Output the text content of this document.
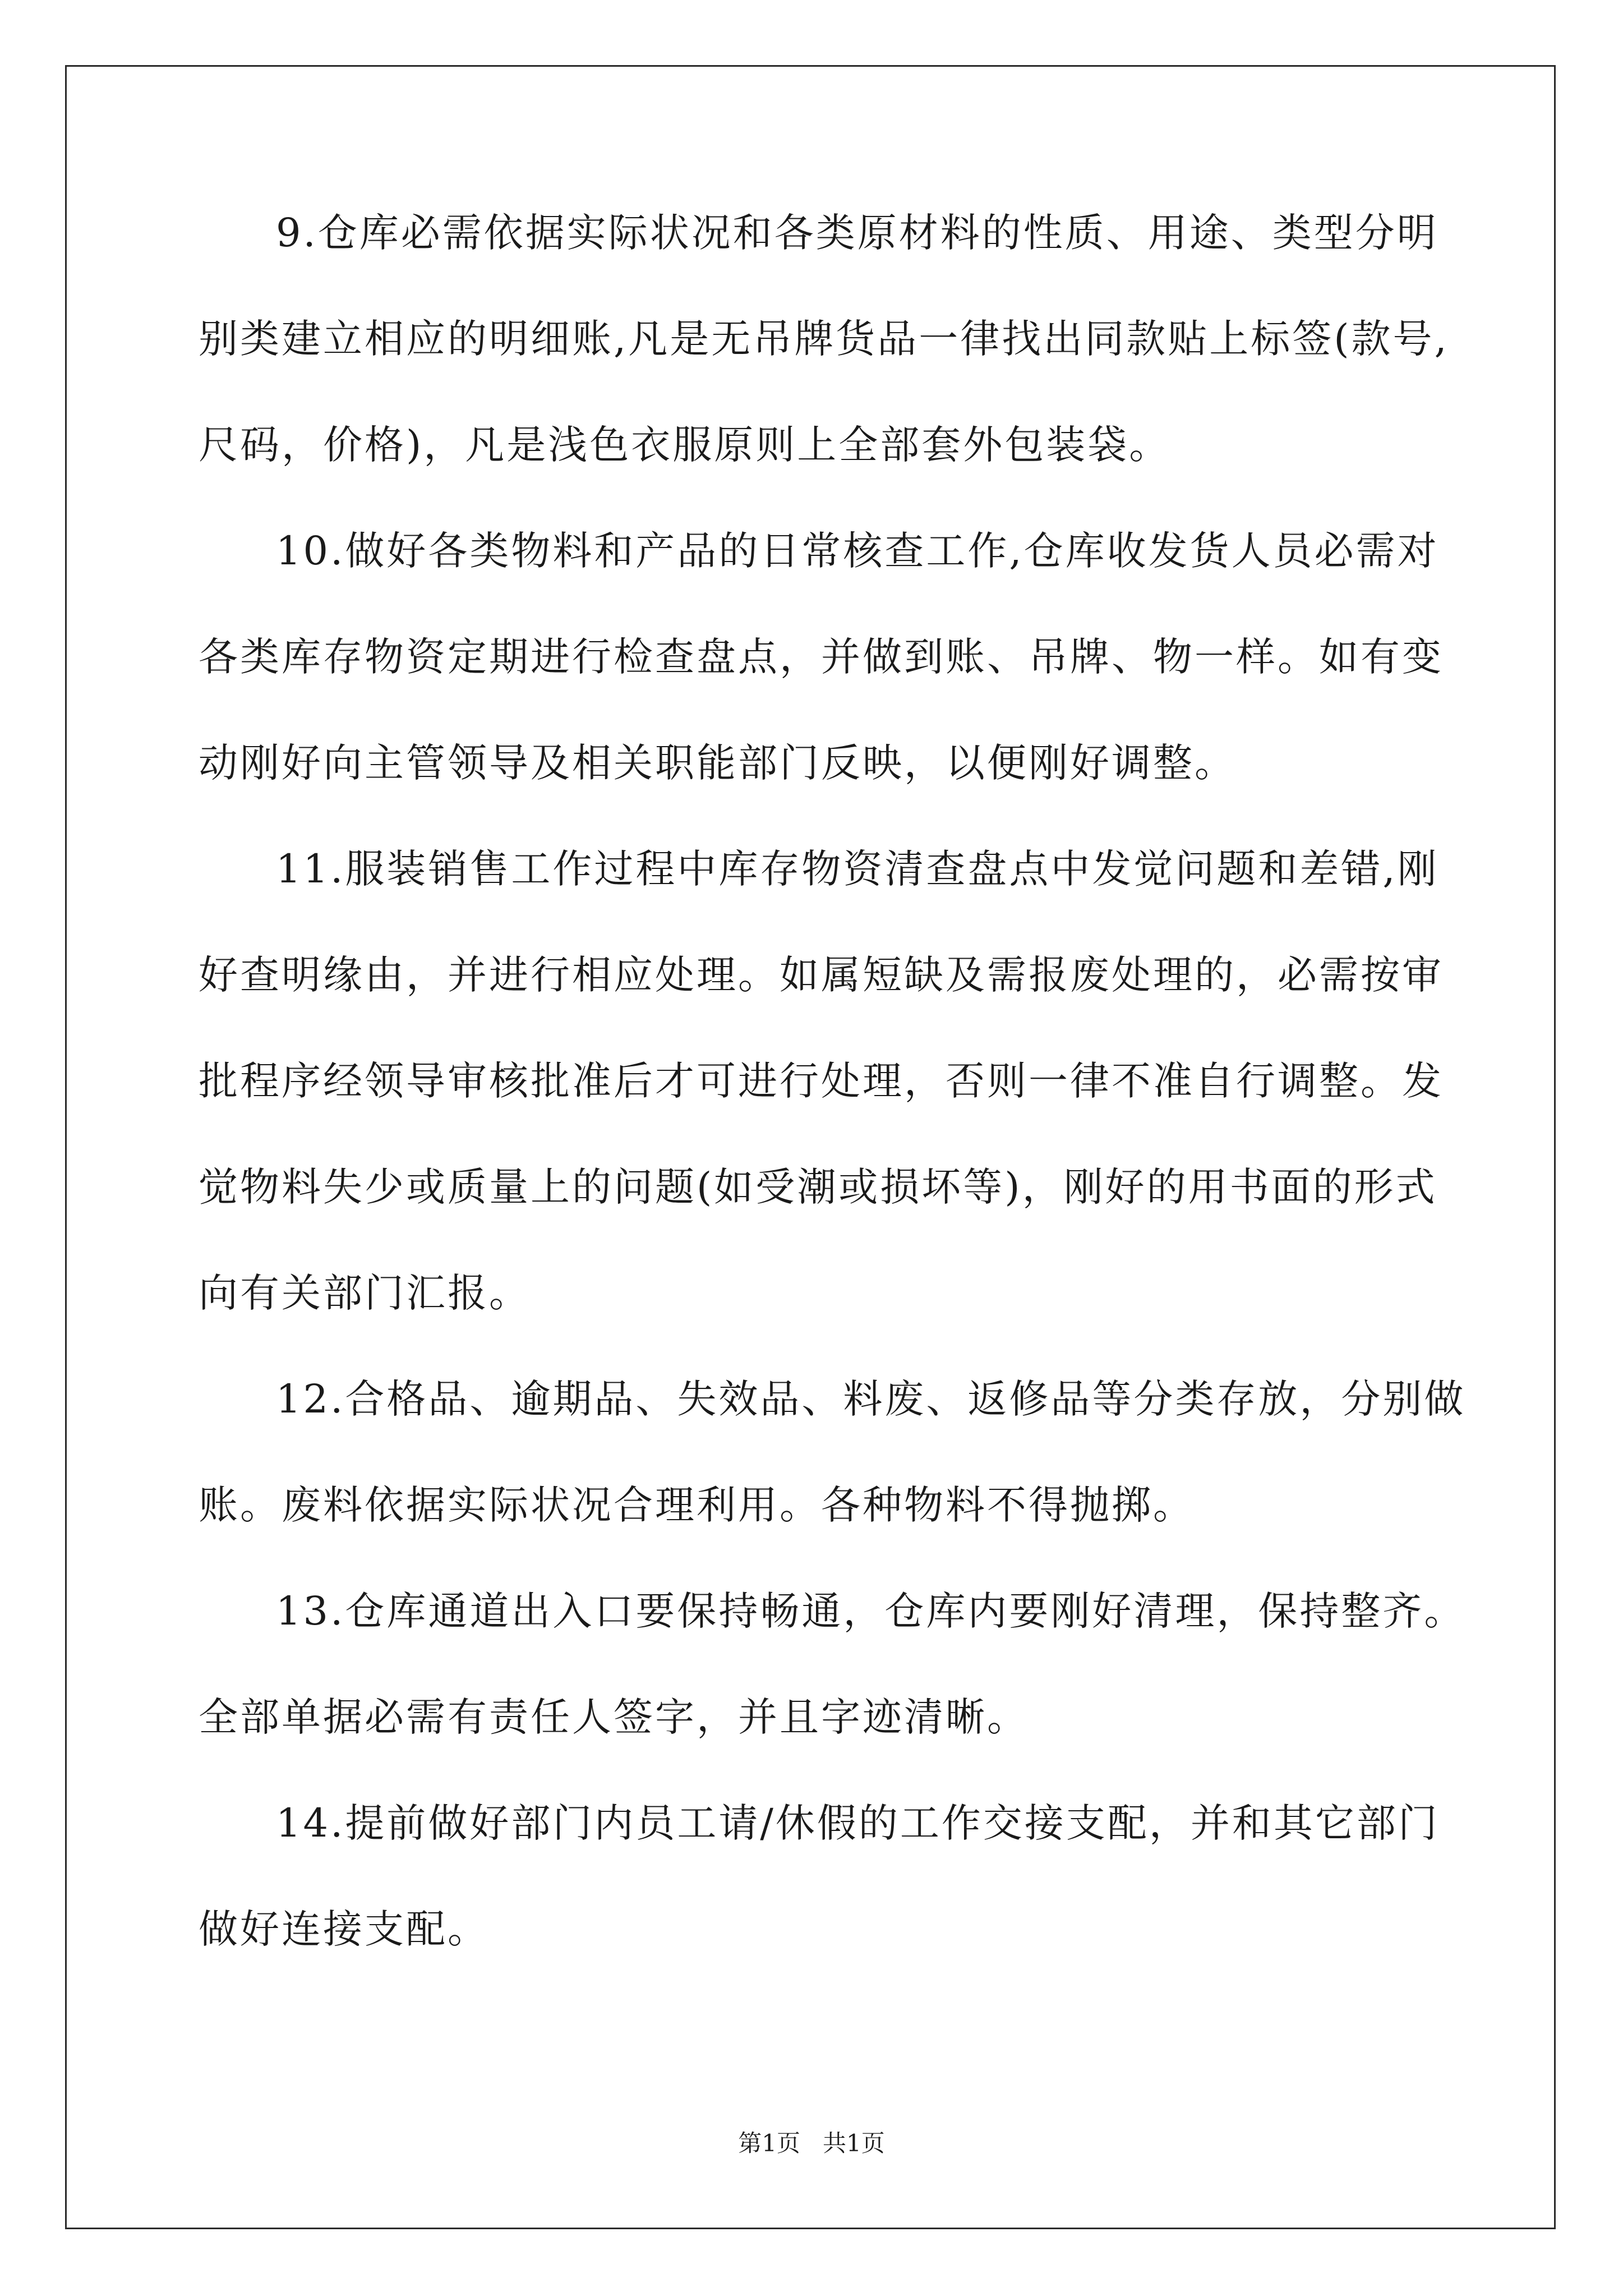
9.仓库必需依据实际状况和各类原材料的性质、用途、类型分明
别类建立相应的明细账,凡是无吊牌货品一律找出同款贴上标签(款号,
尺码，价格)，凡是浅色衣服原则上全部套外包装袋。
10.做好各类物料和产品的日常核查工作,仓库收发货人员必需对
各类库存物资定期进行检查盘点，并做到账、吊牌、物一样。如有变
动刚好向主管领导及相关职能部门反映，以便刚好调整。
11.服装销售工作过程中库存物资清查盘点中发觉问题和差错,刚
好查明缘由，并进行相应处理。如属短缺及需报废处理的，必需按审
批程序经领导审核批准后才可进行处理，否则一律不准自行调整。发
觉物料失少或质量上的问题(如受潮或损坏等)，刚好的用书面的形式
向有关部门汇报。
12.合格品、逾期品、失效品、料废、返修品等分类存放，分别做
账。废料依据实际状况合理利用。各种物料不得抛掷。
13.仓库通道出入口要保持畅通，仓库内要刚好清理，保持整齐。
全部单据必需有责任人签字，并且字迹清晰。
14.提前做好部门内员工请/休假的工作交接支配，并和其它部门
做好连接支配。
第1页 共1页
